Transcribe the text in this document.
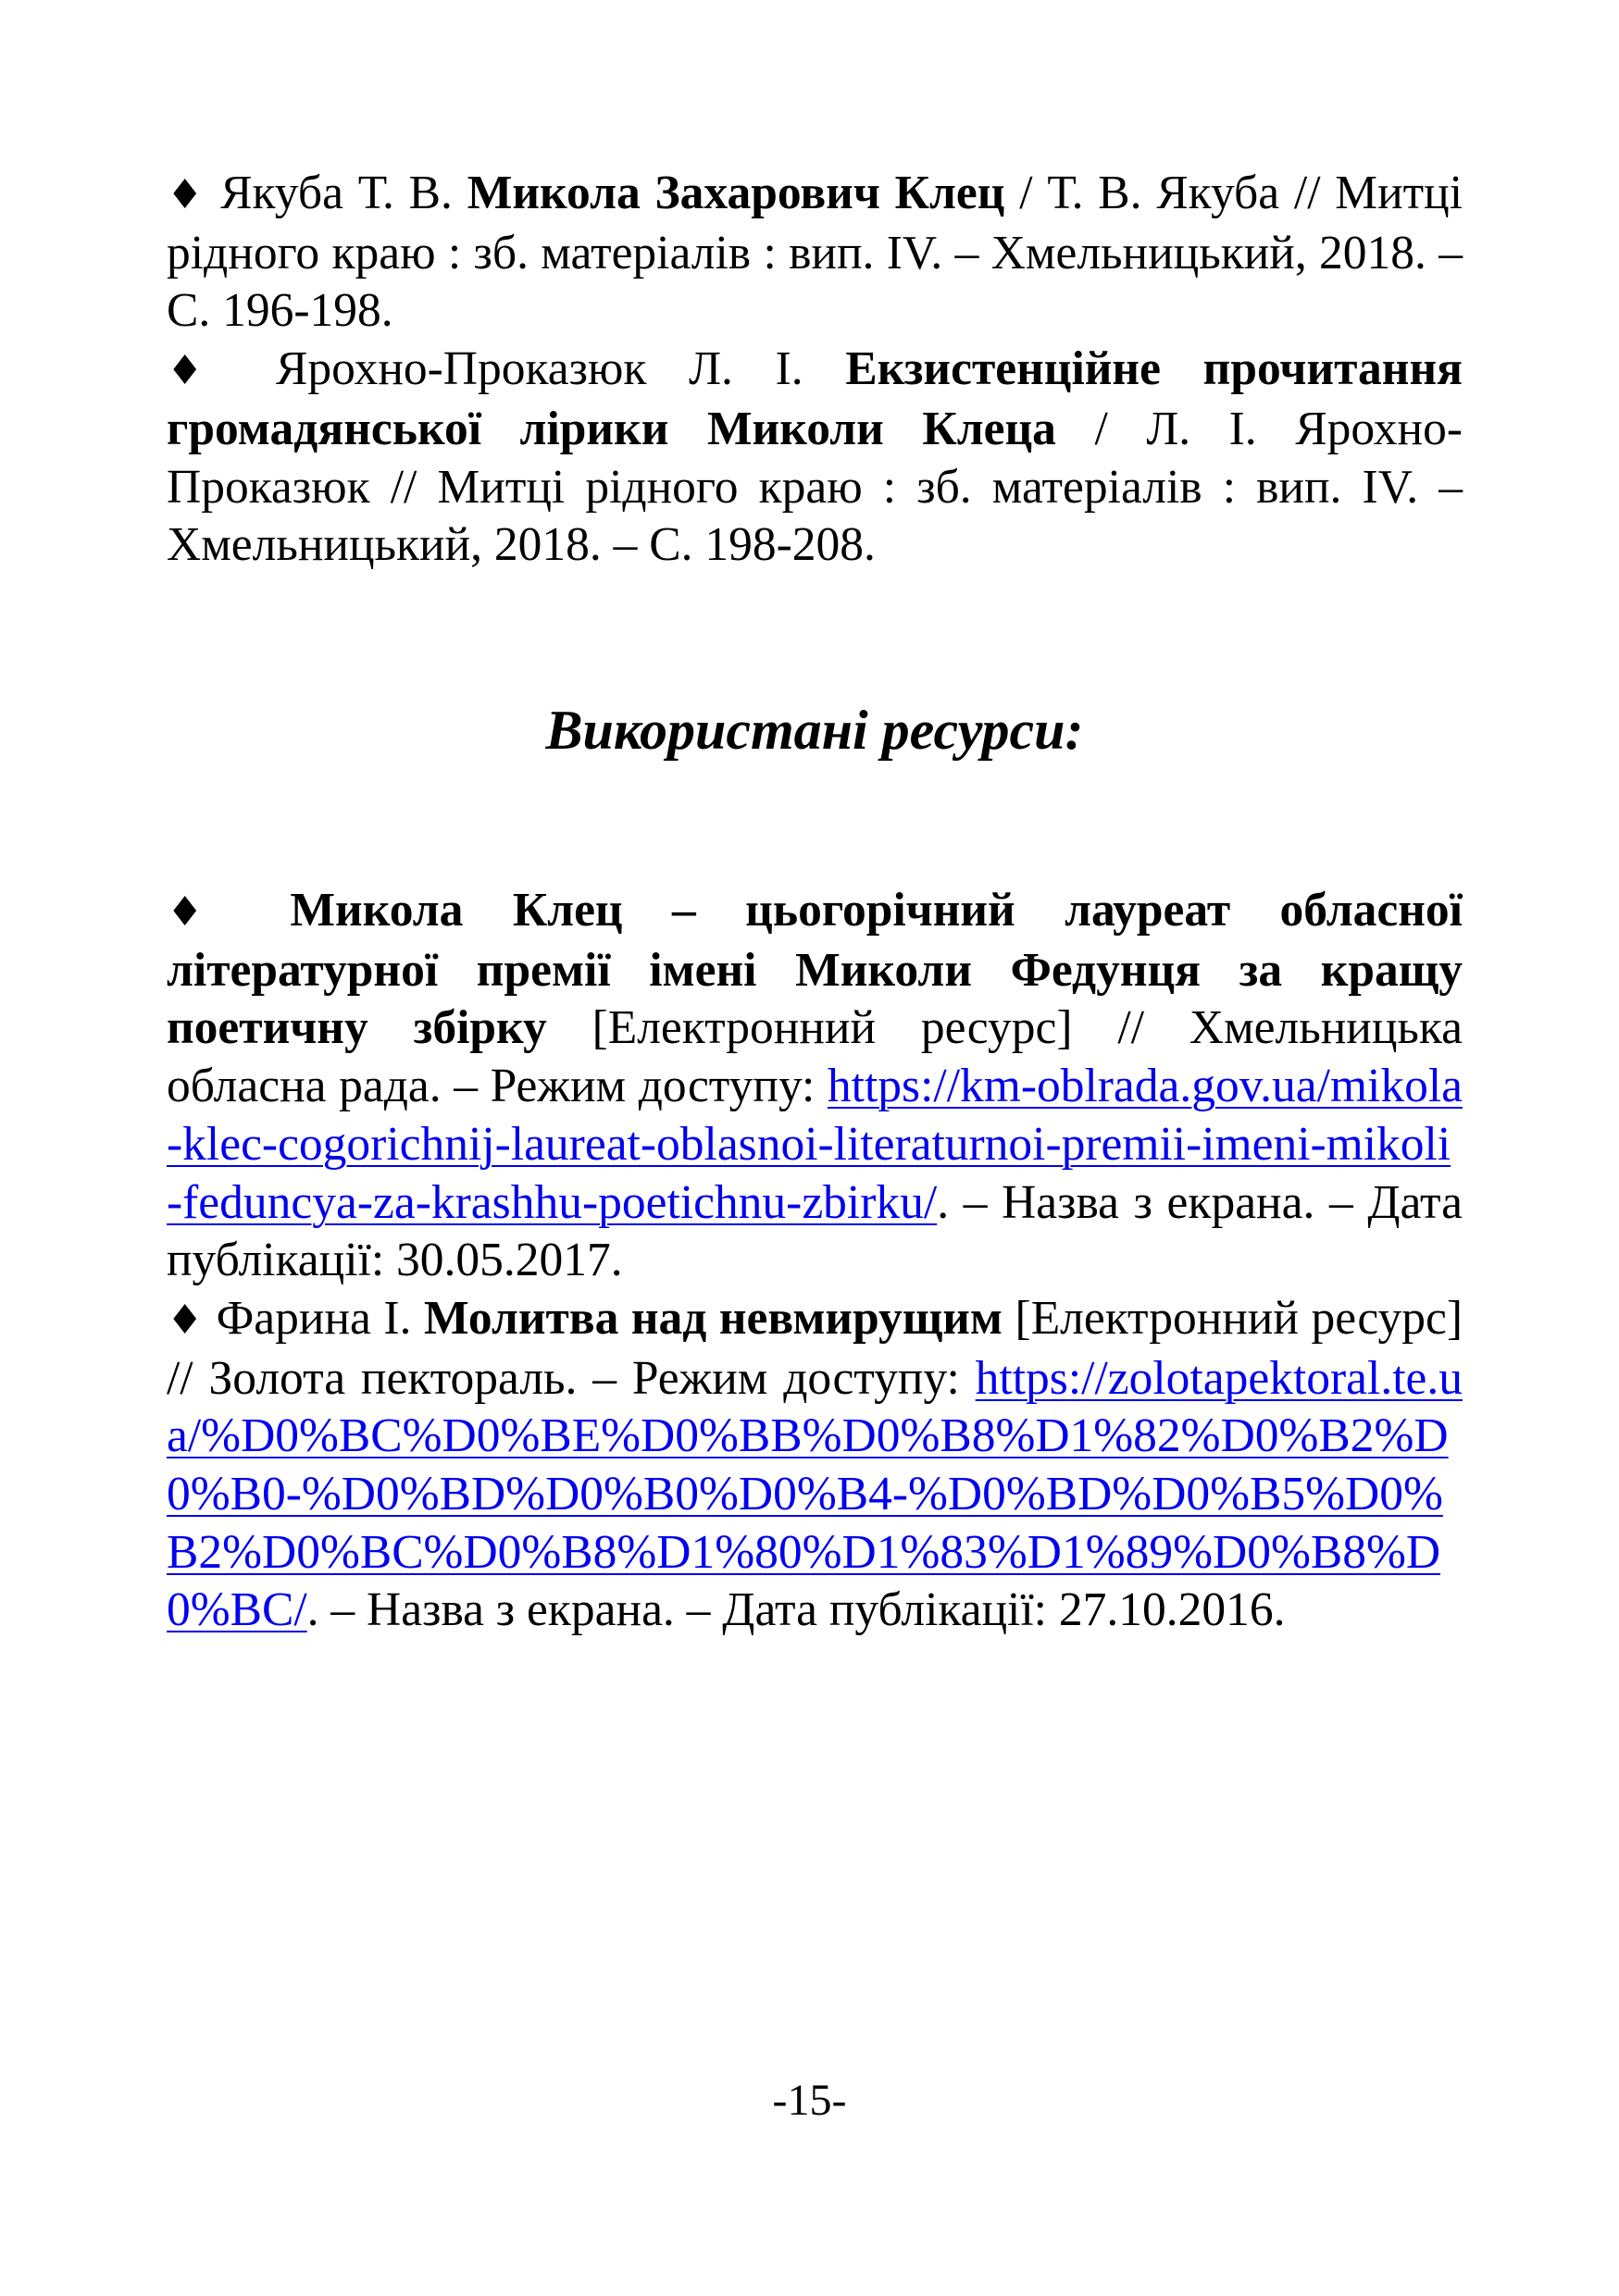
♦ Якуба Т. В. Микола Захарович Клец / Т. В. Якуба // Митці рідного краю : зб. матеріалів : вип. IV. – Хмельницький, 2018. – С. 196-198.

♦ Ярохно-Проказюк Л. І. Екзистенційне прочитання громадянської лірики Миколи Клеца / Л. І. Ярохно-Проказюк // Митці рідного краю : зб. матеріалів : вип. IV. – Хмельницький, 2018. – С. 198-208.

Використані ресурси:

♦ Микола Клец – цьогорічний лауреат обласної літературної премії імені Миколи Федунця за кращу поетичну збірку [Електронний ресурс] // Хмельницька обласна рада. – Режим доступу: https://km-oblrada.gov.ua/mikola-klec-cogorichnij-laureat-oblasnoi-literaturnoi-premii-imeni-mikoli-feduncya-za-krashhu-poetichnu-zbirku/. – Назва з екрана. – Дата публікації: 30.05.2017.

♦ Фарина І. Молитва над невмирущим [Електронний ресурс] // Золота пектораль. – Режим доступу: https://zolotapektoral.te.ua/%D0%BC%D0%BE%D0%BB%D0%B8%D1%82%D0%B2%D0%B0-%D0%BD%D0%B0%D0%B4-%D0%BD%D0%B5%D0%B2%D0%BC%D0%B8%D1%80%D1%83%D1%89%D0%B8%D0%BC/. – Назва з екрана. – Дата публікації: 27.10.2016.

-15-
